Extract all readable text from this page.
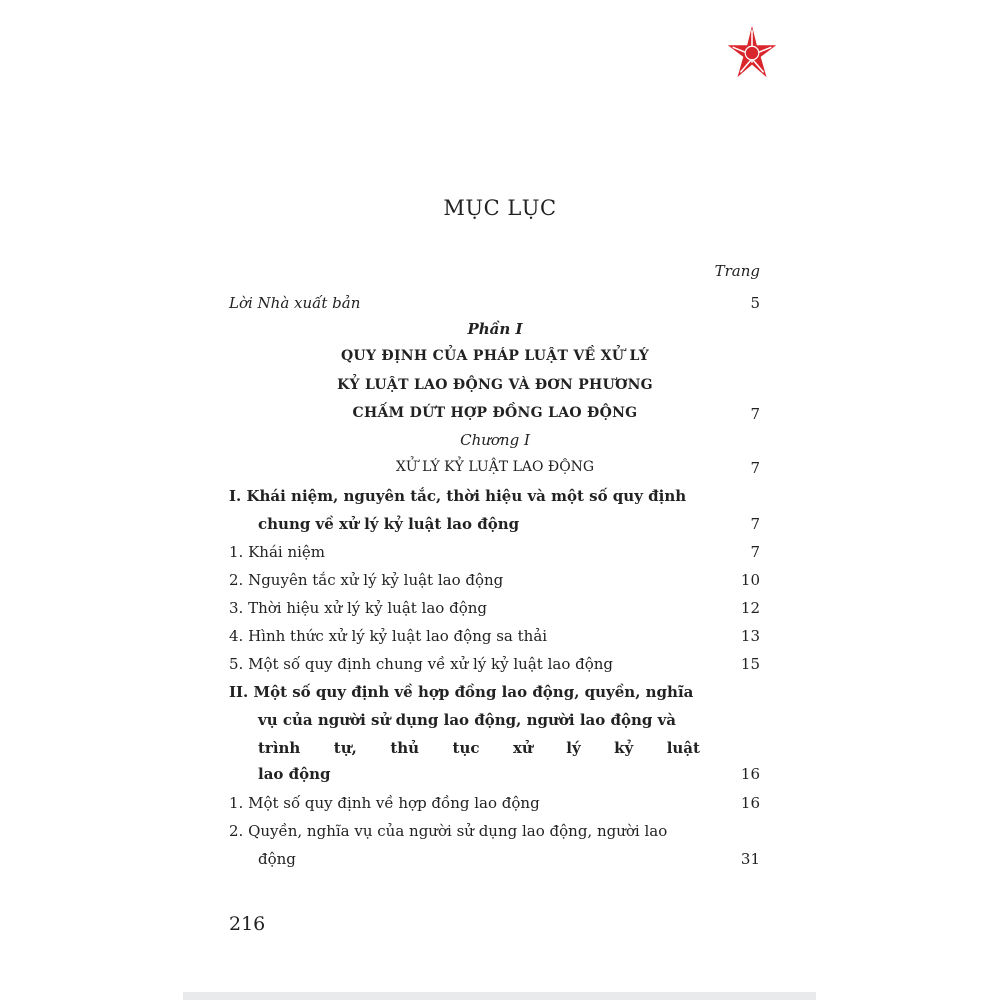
MỤC LỤC
Trang
Lời Nhà xuất bản	5
Phần I
QUY ĐỊNH CỦA PHÁP LUẬT VỀ XỬ LÝ
KỶ LUẬT LAO ĐỘNG VÀ ĐƠN PHƯƠNG
CHẤM DỨT HỢP ĐỒNG LAO ĐỘNG	7
Chương I
XỬ LÝ KỶ LUẬT LAO ĐỘNG	7
I. Khái niệm, nguyên tắc, thời hiệu và một số quy định
chung về xử lý kỷ luật lao động	7
1. Khái niệm	7
2. Nguyên tắc xử lý kỷ luật lao động	10
3. Thời hiệu xử lý kỷ luật lao động	12
4. Hình thức xử lý kỷ luật lao động sa thải	13
5. Một số quy định chung về xử lý kỷ luật lao động	15
II. Một số quy định về hợp đồng lao động, quyền, nghĩa
vụ của người sử dụng lao động, người lao động và
trình tự, thủ tục xử lý kỷ luật
lao động	16
1. Một số quy định về hợp đồng lao động	16
2. Quyền, nghĩa vụ của người sử dụng lao động, người lao
động	31
216
